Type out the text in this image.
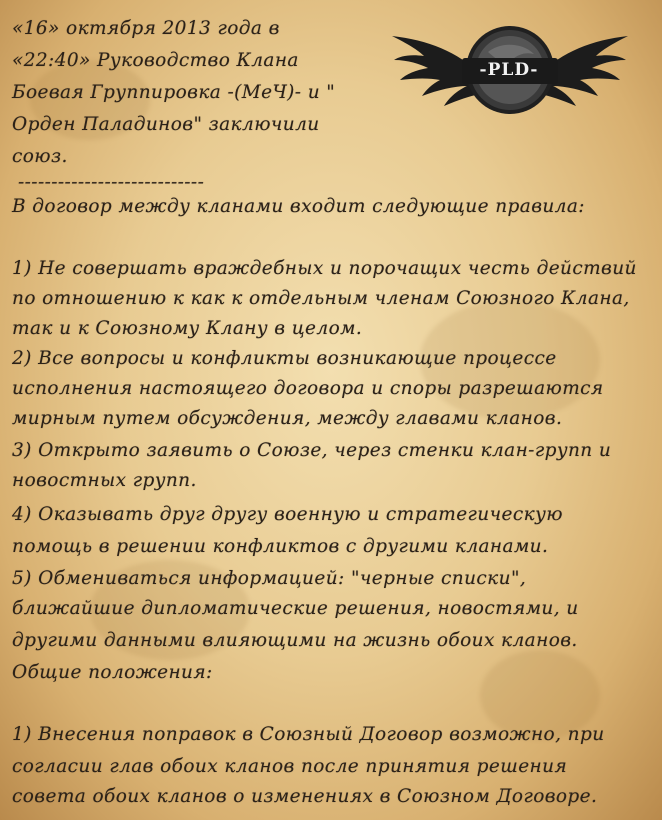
-PLD-
«16» октября 2013 года в
«22:40» Руководство Клана
Боевая Группировка -(МеЧ)- и "
Орден Паладинов" заключили
союз.
----------------------------
В договор между кланами входит следующие правила:
1) Не совершать враждебных и порочащих честь действий
по отношению к как к отдельным членам Союзного Клана,
так и к Союзному Клану в целом.
2) Все вопросы и конфликты возникающие процессе
исполнения настоящего договора и споры разрешаются
мирным путем обсуждения, между главами кланов.
3) Открыто заявить о Союзе, через стенки клан-групп и
новостных групп.
4) Оказывать друг другу военную и стратегическую
помощь в решении конфликтов с другими кланами.
5) Обмениваться информацией: "черные списки",
ближайшие дипломатические решения, новостями, и
другими данными влияющими на жизнь обоих кланов.
Общие положения:
1) Внесения поправок в Союзный Договор возможно, при
согласии глав обоих кланов после принятия решения
совета обоих кланов о изменениях в Союзном Договоре.
